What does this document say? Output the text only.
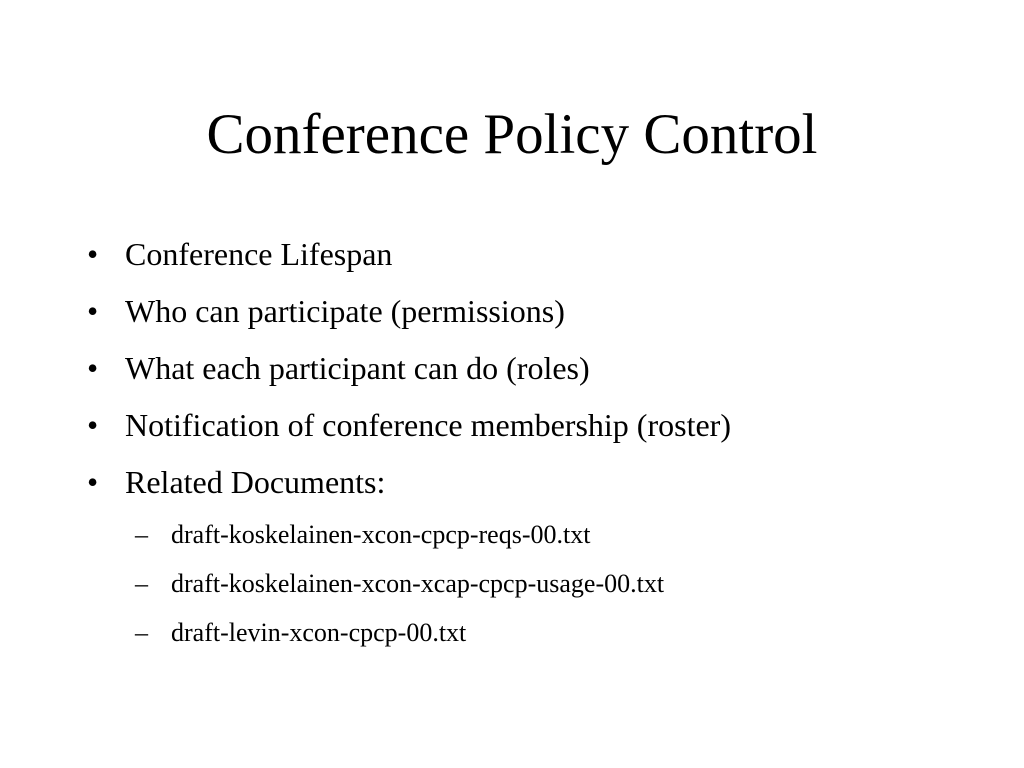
Conference Policy Control
• Conference Lifespan
• Who can participate (permissions)
• What each participant can do (roles)
• Notification of conference membership (roster)
• Related Documents:
– draft-koskelainen-xcon-cpcp-reqs-00.txt
– draft-koskelainen-xcon-xcap-cpcp-usage-00.txt
– draft-levin-xcon-cpcp-00.txt
